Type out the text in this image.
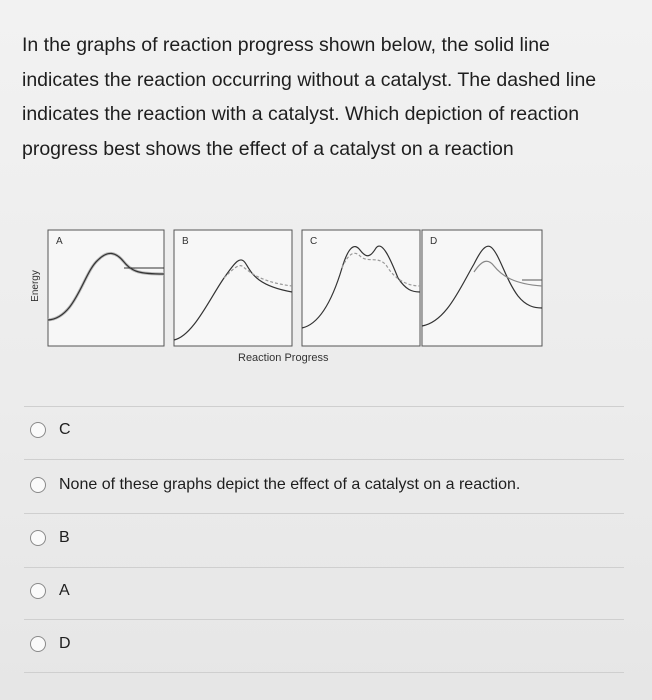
In the graphs of reaction progress shown below, the solid line indicates the reaction occurring without a catalyst. The dashed line indicates the reaction with a catalyst. Which depiction of reaction progress best shows the effect of a catalyst on a reaction
Energy
A	B	C	D
Reaction Progress
C
None of these graphs depict the effect of a catalyst on a reaction.
B
A
D
